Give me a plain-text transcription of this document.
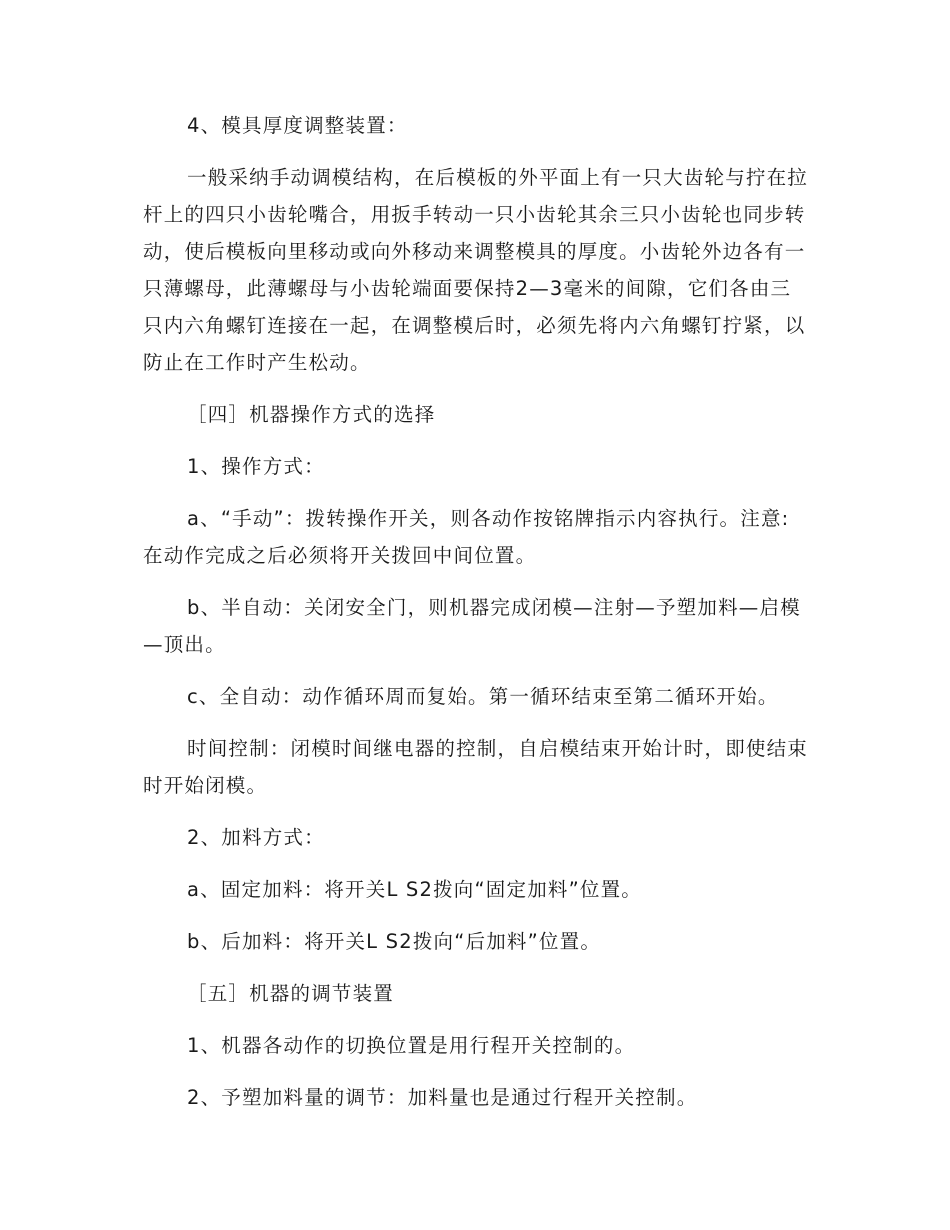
4、模具厚度调整装置：

一般采纳手动调模结构，在后模板的外平面上有一只大齿轮与拧在拉杆上的四只小齿轮嘴合，用扳手转动一只小齿轮其余三只小齿轮也同步转动，使后模板向里移动或向外移动来调整模具的厚度。小齿轮外边各有一只薄螺母，此薄螺母与小齿轮端面要保持2—3毫米的间隙，它们各由三只内六角螺钉连接在一起，在调整模后时，必须先将内六角螺钉拧紧，以防止在工作时产生松动。

［四］机器操作方式的选择

1、操作方式：

a、“手动”：拨转操作开关，则各动作按铭牌指示内容执行。注意:在动作完成之后必须将开关拨回中间位置。

b、半自动：关闭安全门，则机器完成闭模—注射—予塑加料—启模—顶出。

c、全自动：动作循环周而复始。第一循环结束至第二循环开始。

时间控制：闭模时间继电器的控制，自启模结束开始计时，即使结束时开始闭模。

2、加料方式：

a、固定加料：将开关L S2拨向“固定加料”位置。

b、后加料：将开关L S2拨向“后加料”位置。

［五］机器的调节装置

1、机器各动作的切换位置是用行程开关控制的。

2、予塑加料量的调节：加料量也是通过行程开关控制。
